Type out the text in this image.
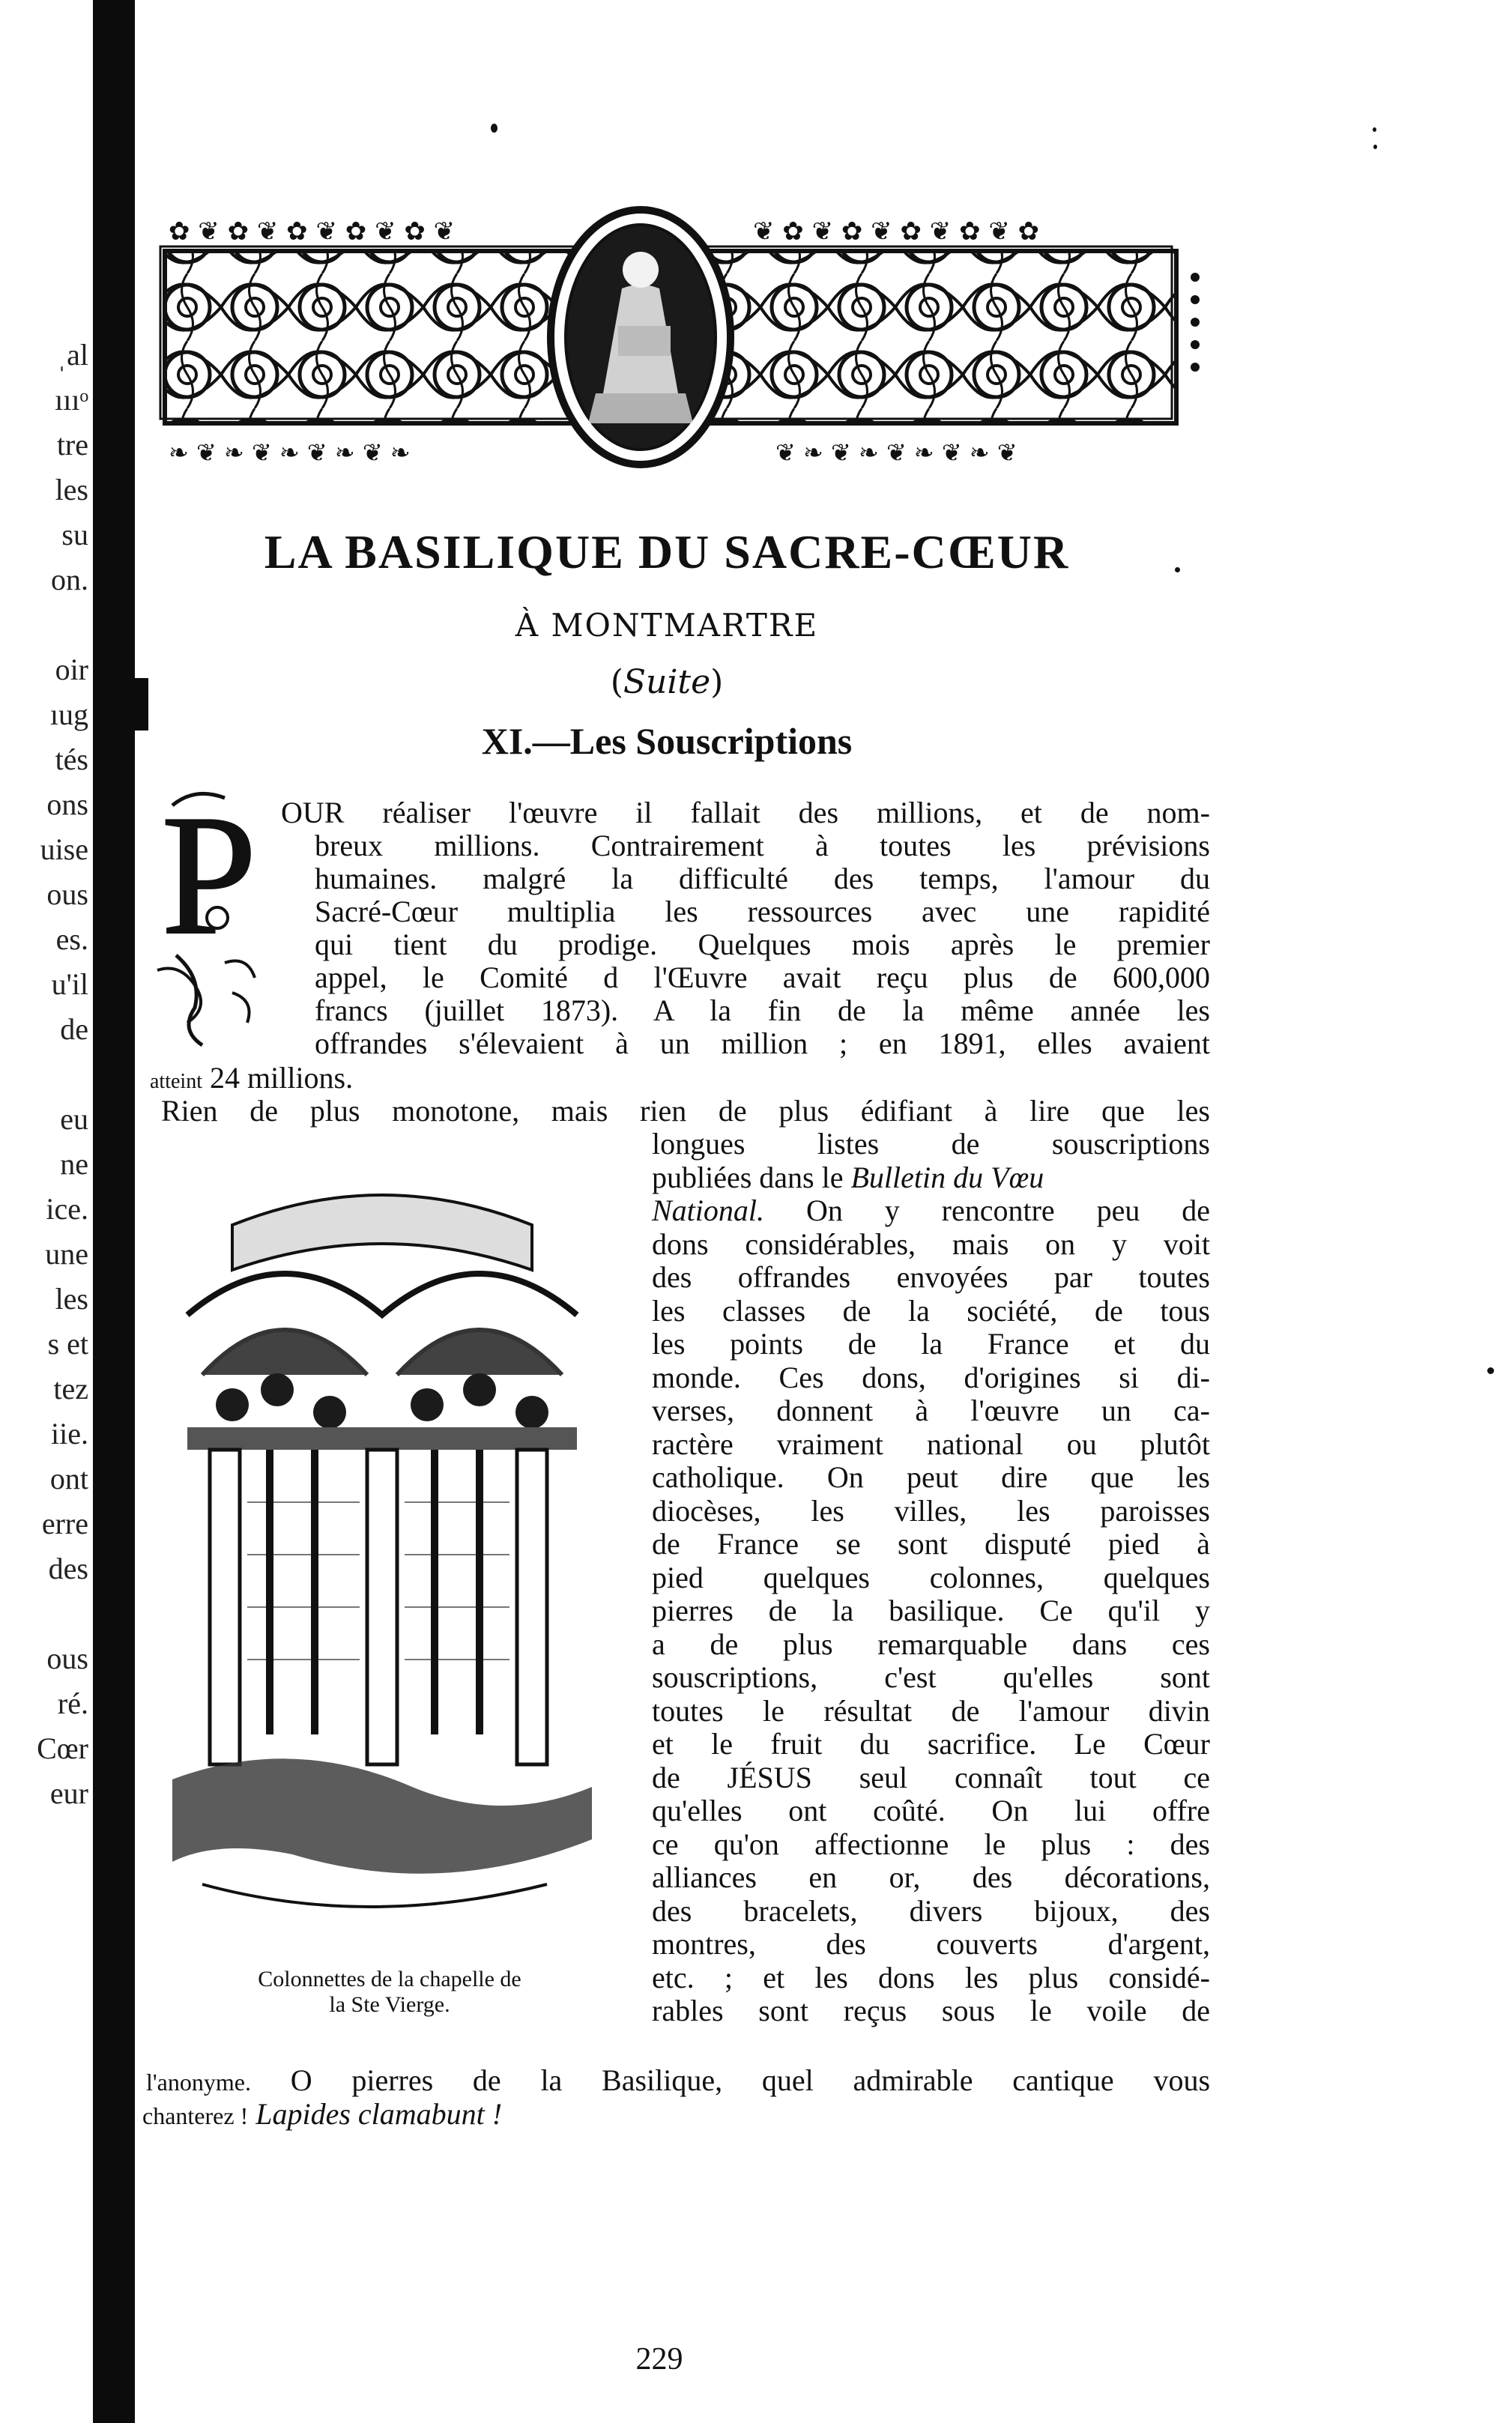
ˌal
ıııᵒ
tre
les
su
on.
oir
ıug
tés
ons
uise
ous
es.
u'il
de
eu
ne
ice.
une
les
s et
tez
iie.
ont
erre
des
ous
ré.
Cœr
eur
✿ ❦ ✿ ❦ ✿ ❦ ✿ ❦ ✿ ❦	❦ ✿ ❦ ✿ ❦ ✿ ❦ ✿ ❦ ✿
❧ ❦ ❧ ❦ ❧ ❦ ❧ ❦ ❧	❦ ❧ ❦ ❧ ❦ ❧ ❦ ❧ ❦
LA BASILIQUE DU SACRE-CŒUR
À MONTMARTRE
(Suite)
XI.—Les Souscriptions
P OUR réaliser l'œuvre il fallait des millions, et de nom-
breux millions. Contrairement à toutes les prévisions
humaines. malgré la difficulté des temps, l'amour du
Sacré-Cœur multiplia les ressources avec une rapidité
qui tient du prodige. Quelques mois après le premier
appel, le Comité d l'Œuvre avait reçu plus de 600,000
francs (juillet 1873). A la fin de la même année les
offrandes s'élevaient à un million ; en 1891, elles avaient
atteint 24 millions.
Rien de plus monotone, mais rien de plus édifiant à lire que les
longues listes de souscriptions
publiées dans le Bulletin du Vœu
National. On y rencontre peu de
dons considérables, mais on y voit
des offrandes envoyées par toutes
les classes de la société, de tous
les points de la France et du
monde. Ces dons, d'origines si di-
verses, donnent à l'œuvre un ca-
ractère vraiment national ou plutôt
catholique. On peut dire que les
diocèses, les villes, les paroisses
de France se sont disputé pied à
pied quelques colonnes, quelques
pierres de la basilique. Ce qu'il y
a de plus remarquable dans ces
souscriptions, c'est qu'elles sont
toutes le résultat de l'amour divin
et le fruit du sacrifice. Le Cœur
de JÉSUS seul connaît tout ce
qu'elles ont coûté. On lui offre
ce qu'on affectionne le plus : des
alliances en or, des décorations,
des bracelets, divers bijoux, des
montres, des couverts d'argent,
etc. ; et les dons les plus considé-
rables sont reçus sous le voile de
l'anonyme. O pierres de la Basilique, quel admirable cantique vous
chanterez ! Lapides clamabunt !
Colonnettes de la chapelle de
la Ste Vierge.
229
